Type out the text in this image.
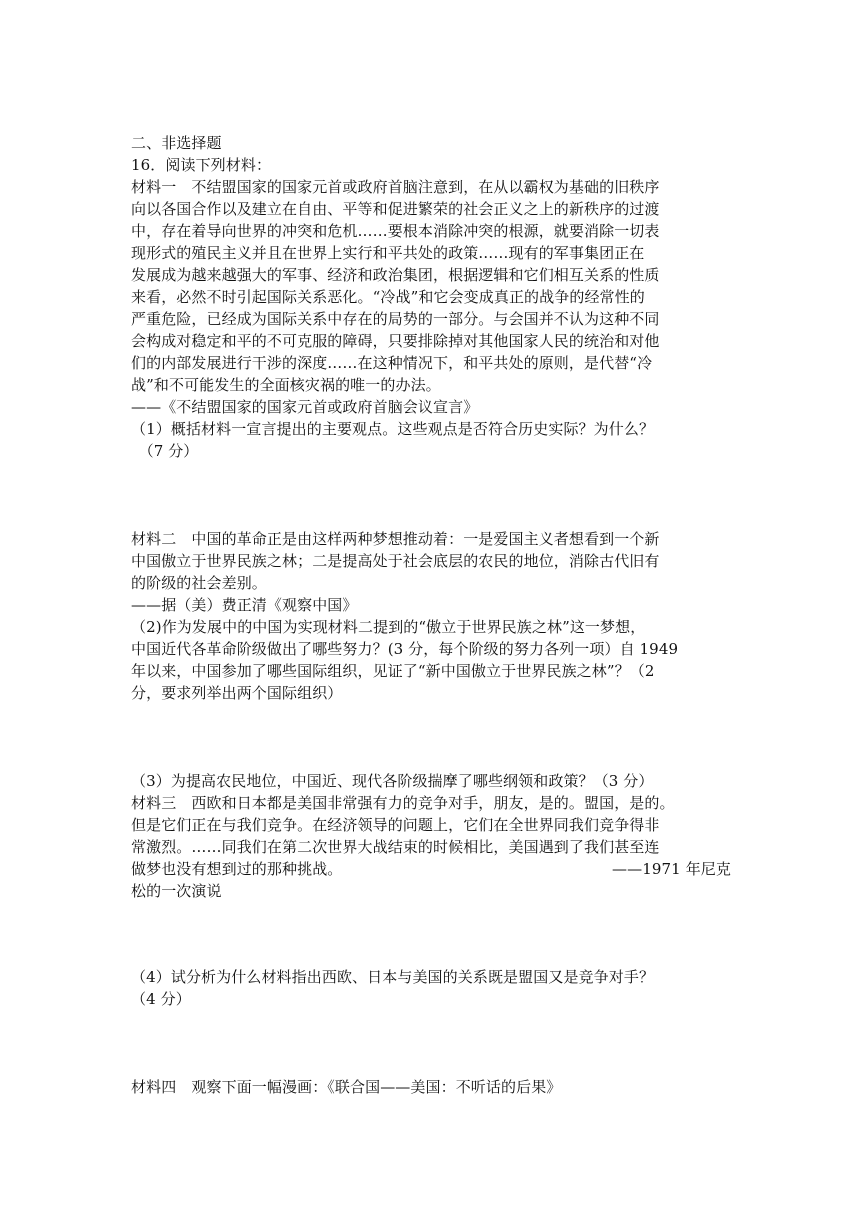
二、非选择题
16．阅读下列材料：
材料一　不结盟国家的国家元首或政府首脑注意到，在从以霸权为基础的旧秩序
向以各国合作以及建立在自由、平等和促进繁荣的社会正义之上的新秩序的过渡
中，存在着导向世界的冲突和危机……要根本消除冲突的根源，就要消除一切表
现形式的殖民主义并且在世界上实行和平共处的政策……现有的军事集团正在
发展成为越来越强大的军事、经济和政治集团，根据逻辑和它们相互关系的性质
来看，必然不时引起国际关系恶化。“冷战”和它会变成真正的战争的经常性的
严重危险，已经成为国际关系中存在的局势的一部分。与会国并不认为这种不同
会构成对稳定和平的不可克服的障碍，只要排除掉对其他国家人民的统治和对他
们的内部发展进行干涉的深度……在这种情况下，和平共处的原则，是代替“冷
战”和不可能发生的全面核灾祸的唯一的办法。
——《不结盟国家的国家元首或政府首脑会议宣言》
（1）概括材料一宣言提出的主要观点。这些观点是否符合历史实际？为什么？
　（7 分）
材料二　中国的革命正是由这样两种梦想推动着：一是爱国主义者想看到一个新
中国傲立于世界民族之林；二是提高处于社会底层的农民的地位，消除古代旧有
的阶级的社会差别。
——据（美）费正清《观察中国》
（2)作为发展中的中国为实现材料二提到的“傲立于世界民族之林”这一梦想，
中国近代各革命阶级做出了哪些努力？(3 分，每个阶级的努力各列一项）自 1949
年以来，中国参加了哪些国际组织，见证了“新中国傲立于世界民族之林”？（2
分，要求列举出两个国际组织）
（3）为提高农民地位，中国近、现代各阶级揣摩了哪些纲领和政策？（3 分）
材料三　西欧和日本都是美国非常强有力的竞争对手，朋友，是的。盟国，是的。
但是它们正在与我们竞争。在经济领导的问题上，它们在全世界同我们竞争得非
常激烈。……同我们在第二次世界大战结束的时候相比，美国遇到了我们甚至连
做梦也没有想到过的那种挑战。	——1971 年尼克
松的一次演说
（4）试分析为什么材料指出西欧、日本与美国的关系既是盟国又是竞争对手？
（4 分）
材料四　观察下面一幅漫画：《联合国——美国：不听话的后果》
